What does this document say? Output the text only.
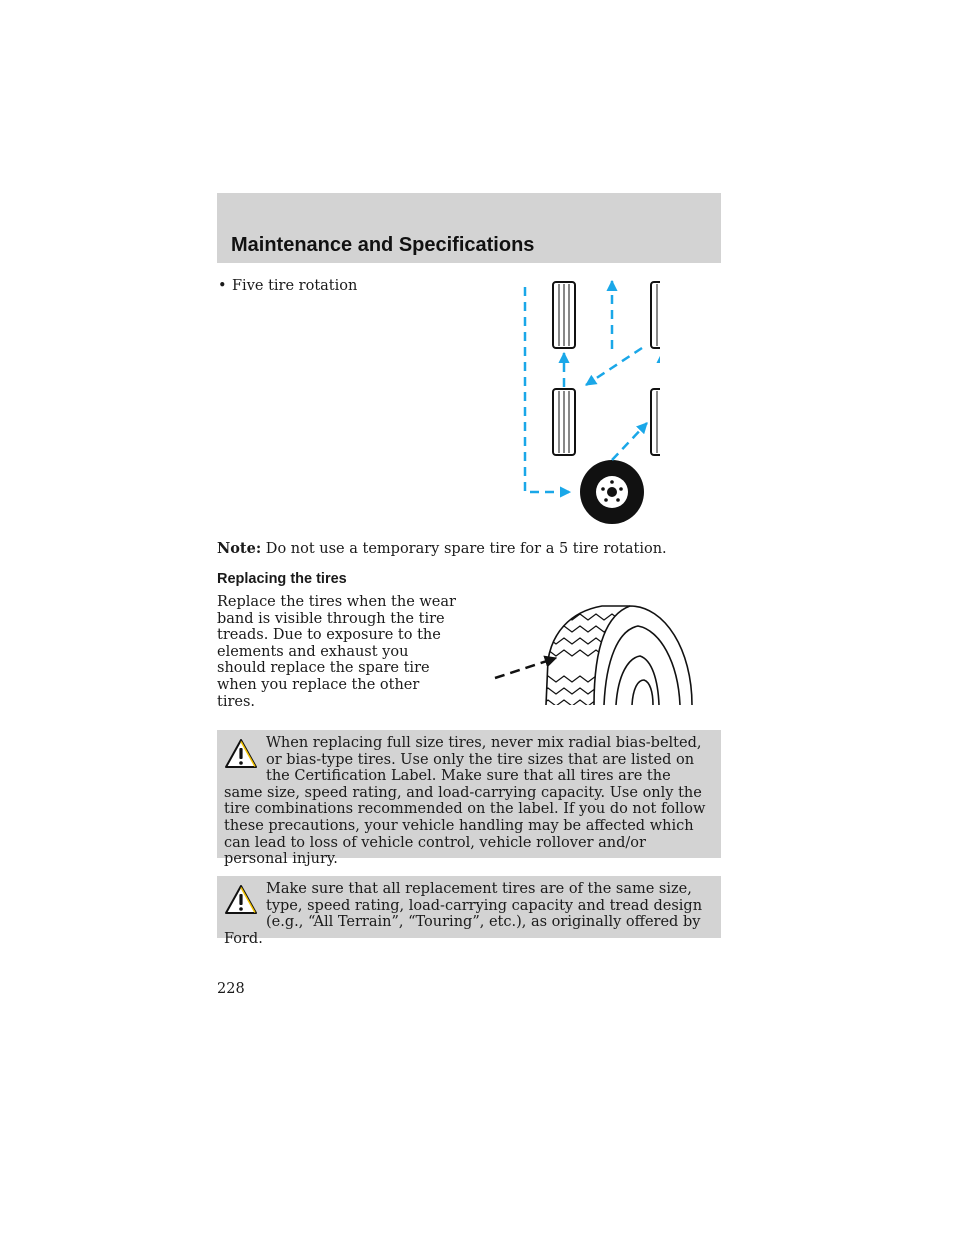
Maintenance and Specifications
• Five tire rotation
Note: Do not use a temporary spare tire for a 5 tire rotation.
Replacing the tires

Replace the tires when the wear band is visible through the tire treads. Due to exposure to the elements and exhaust you should replace the spare tire when you replace the other tires.

When replacing full size tires, never mix radial bias-belted, or bias-type tires. Use only the tire sizes that are listed on the Certification Label. Make sure that all tires are the same size, speed rating, and load-carrying capacity. Use only the tire combinations recommended on the label. If you do not follow these precautions, your vehicle handling may be affected which can lead to loss of vehicle control, vehicle rollover and/or personal injury.
Make sure that all replacement tires are of the same size, type, speed rating, load-carrying capacity and tread design (e.g., “All Terrain”, “Touring”, etc.), as originally offered by Ford.
228
